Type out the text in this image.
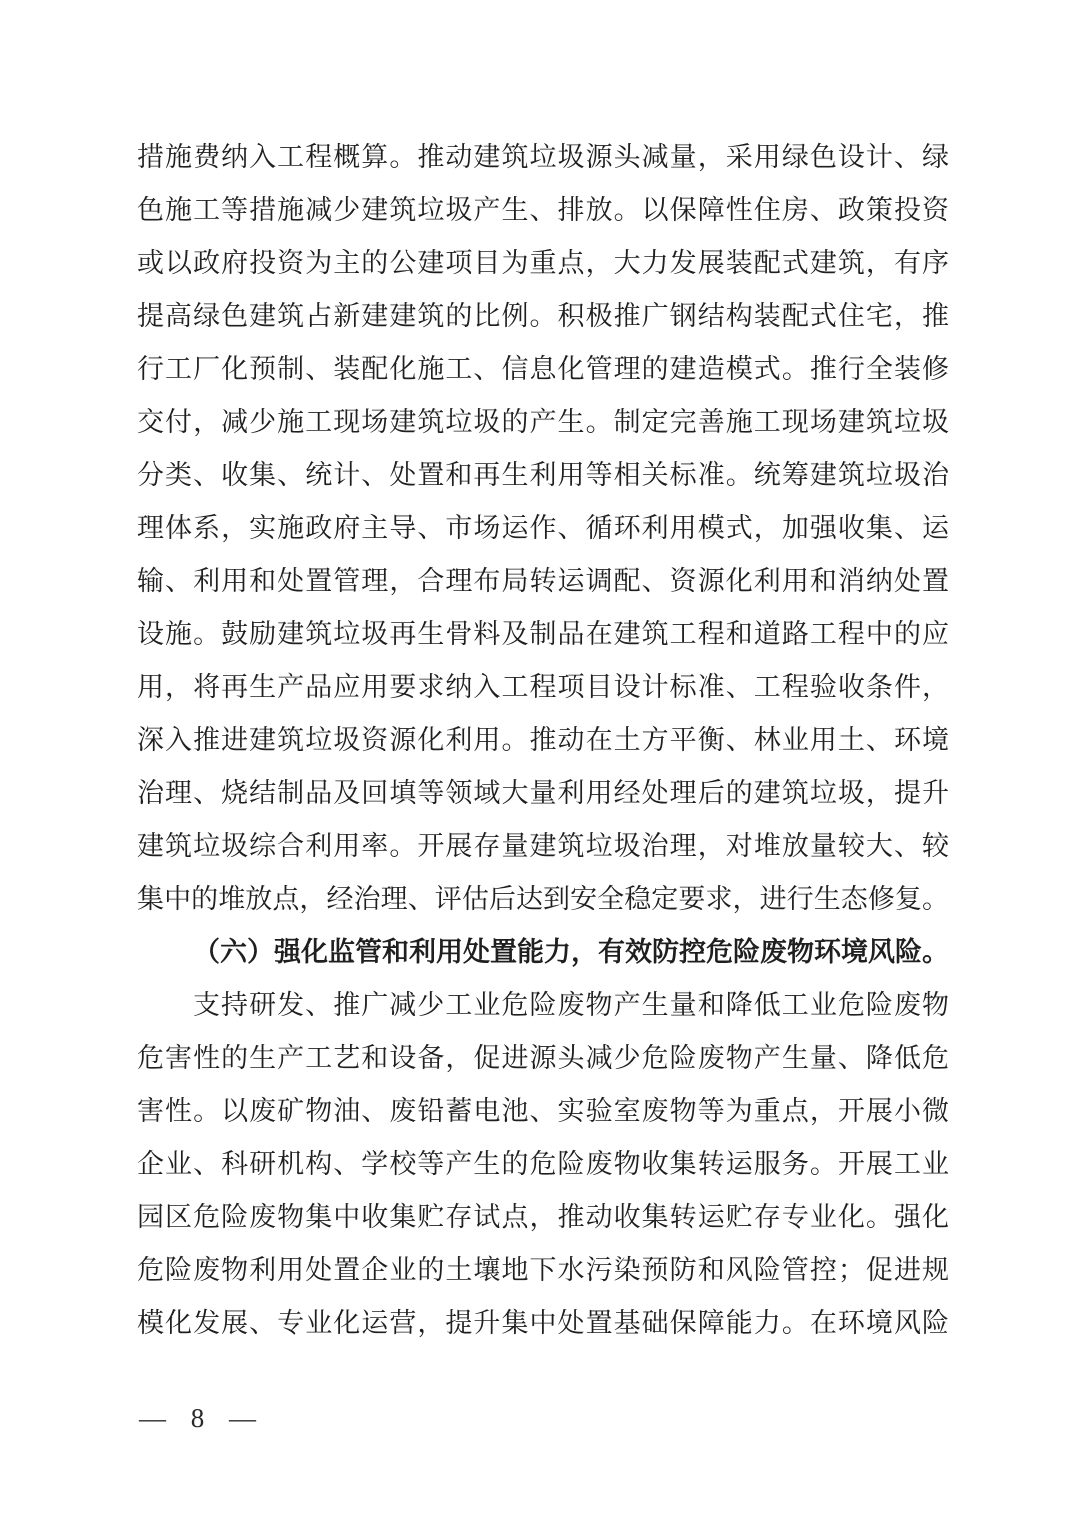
措施费纳入工程概算。推动建筑垃圾源头减量，采用绿色设计、绿
色施工等措施减少建筑垃圾产生、排放。以保障性住房、政策投资
或以政府投资为主的公建项目为重点，大力发展装配式建筑，有序
提高绿色建筑占新建建筑的比例。积极推广钢结构装配式住宅，推
行工厂化预制、装配化施工、信息化管理的建造模式。推行全装修
交付，减少施工现场建筑垃圾的产生。制定完善施工现场建筑垃圾
分类、收集、统计、处置和再生利用等相关标准。统筹建筑垃圾治
理体系，实施政府主导、市场运作、循环利用模式，加强收集、运
输、利用和处置管理，合理布局转运调配、资源化利用和消纳处置
设施。鼓励建筑垃圾再生骨料及制品在建筑工程和道路工程中的应
用，将再生产品应用要求纳入工程项目设计标准、工程验收条件，
深入推进建筑垃圾资源化利用。推动在土方平衡、林业用土、环境
治理、烧结制品及回填等领域大量利用经处理后的建筑垃圾，提升
建筑垃圾综合利用率。开展存量建筑垃圾治理，对堆放量较大、较
集中的堆放点，经治理、评估后达到安全稳定要求，进行生态修复。
（六）强化监管和利用处置能力，有效防控危险废物环境风险。
支持研发、推广减少工业危险废物产生量和降低工业危险废物
危害性的生产工艺和设备，促进源头减少危险废物产生量、降低危
害性。以废矿物油、废铅蓄电池、实验室废物等为重点，开展小微
企业、科研机构、学校等产生的危险废物收集转运服务。开展工业
园区危险废物集中收集贮存试点，推动收集转运贮存专业化。强化
危险废物利用处置企业的土壤地下水污染预防和风险管控；促进规
模化发展、专业化运营，提升集中处置基础保障能力。在环境风险
— 8 —
